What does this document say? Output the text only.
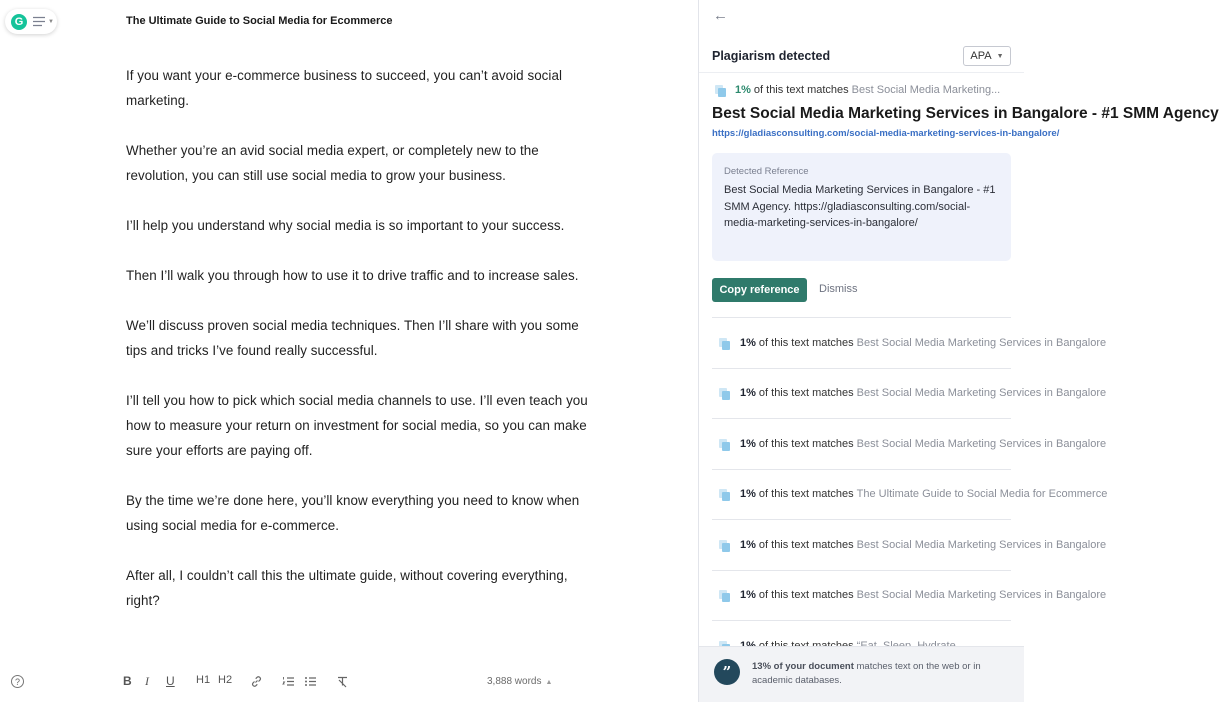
G	▼	The Ultimate Guide to Social Media for Ecommerce

If you want your e-commerce business to succeed, you can’t avoid social marketing.

Whether you’re an avid social media expert, or completely new to the revolution, you can still use social media to grow your business.

I’ll help you understand why social media is so important to your success.

Then I’ll walk you through how to use it to drive traffic and to increase sales.

We’ll discuss proven social media techniques. Then I’ll share with you some tips and tricks I’ve found really successful.

I’ll tell you how to pick which social media channels to use. I’ll even teach you how to measure your return on investment for social media, so you can make sure your efforts are paying off.

By the time we’re done here, you’ll know everything you need to know when using social media for e-commerce.

After all, I couldn’t call this the ultimate guide, without covering everything, right?

?	B I U H1 H2	3,888 words ▲
←
Plagiarism detected	APA ▼
1% of this text matches Best Social Media Marketing...
Best Social Media Marketing Services in Bangalore - #1 SMM Agency
https://gladiasconsulting.com/social-media-marketing-services-in-bangalore/
Detected Reference
Best Social Media Marketing Services in Bangalore - #1 SMM Agency. https://gladiasconsulting.com/social-media-marketing-services-in-bangalore/
Copy reference	Dismiss
1% of this text matches Best Social Media Marketing Services in Bangalore
1% of this text matches Best Social Media Marketing Services in Bangalore
1% of this text matches Best Social Media Marketing Services in Bangalore
1% of this text matches The Ultimate Guide to Social Media for Ecommerce
1% of this text matches Best Social Media Marketing Services in Bangalore
1% of this text matches Best Social Media Marketing Services in Bangalore
”	13% of your document matches text on the web or in academic databases.
